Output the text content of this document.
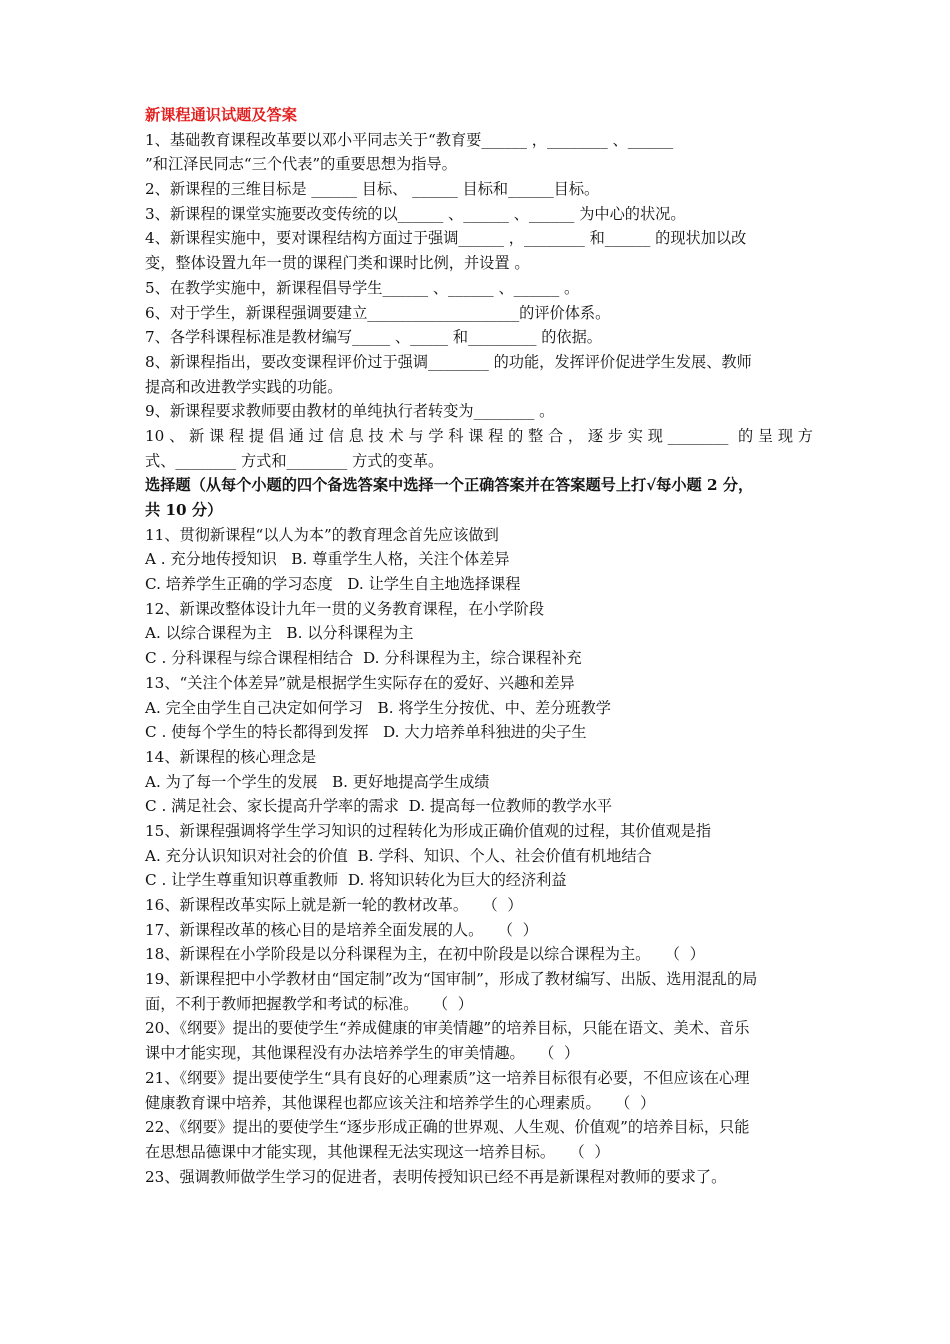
新课程通识试题及答案
1、基础教育课程改革要以邓小平同志关于“教育要______ ，________ 、______
”和江泽民同志“三个代表”的重要思想为指导。
2、新课程的三维目标是 ______ 目标、 ______ 目标和______目标。
3、新课程的课堂实施要改变传统的以______ 、______ 、______ 为中心的状况。
4、新课程实施中，要对课程结构方面过于强调______ ，________ 和______ 的现状加以改
变，整体设置九年一贯的课程门类和课时比例，并设置 。
5、在教学实施中，新课程倡导学生______ 、______ 、______ 。
6、对于学生，新课程强调要建立____________________的评价体系。
7、各学科课程标准是教材编写_____ 、_____ 和_________ 的依据。
8、新课程指出，要改变课程评价过于强调________ 的功能，发挥评价促进学生发展、教师
提高和改进教学实践的功能。
9、新课程要求教师要由教材的单纯执行者转变为________ 。
10、新课程提倡通过信息技术与学科课程的整合，逐步实现________ 的呈现方
式、________ 方式和________ 方式的变革。
选择题（从每个小题的四个备选答案中选择一个正确答案并在答案题号上打√每小题 2 分，
共 10 分）
11、贯彻新课程“以人为本”的教育理念首先应该做到
A . 充分地传授知识   B. 尊重学生人格，关注个体差异
C. 培养学生正确的学习态度   D. 让学生自主地选择课程
12、新课改整体设计九年一贯的义务教育课程，在小学阶段
A. 以综合课程为主   B. 以分科课程为主
C . 分科课程与综合课程相结合  D. 分科课程为主，综合课程补充
13、“关注个体差异”就是根据学生实际存在的爱好、兴趣和差异
A. 完全由学生自己决定如何学习   B. 将学生分按优、中、差分班教学
C . 使每个学生的特长都得到发挥   D. 大力培养单科独进的尖子生
14、新课程的核心理念是
A. 为了每一个学生的发展   B. 更好地提高学生成绩
C . 满足社会、家长提高升学率的需求  D. 提高每一位教师的教学水平
15、新课程强调将学生学习知识的过程转化为形成正确价值观的过程，其价值观是指
A. 充分认识知识对社会的价值  B. 学科、知识、个人、社会价值有机地结合
C . 让学生尊重知识尊重教师  D. 将知识转化为巨大的经济利益
16、新课程改革实际上就是新一轮的教材改革。   （  ）
17、新课程改革的核心目的是培养全面发展的人。   （  ）
18、新课程在小学阶段是以分科课程为主，在初中阶段是以综合课程为主。   （  ）
19、新课程把中小学教材由“国定制”改为“国审制”，形成了教材编写、出版、选用混乱的局
面，不利于教师把握教学和考试的标准。   （  ）
20、《纲要》提出的要使学生“养成健康的审美情趣”的培养目标，只能在语文、美术、音乐
课中才能实现，其他课程没有办法培养学生的审美情趣。   （  ）
21、《纲要》提出要使学生“具有良好的心理素质”这一培养目标很有必要，不但应该在心理
健康教育课中培养，其他课程也都应该关注和培养学生的心理素质。   （  ）
22、《纲要》提出的要使学生“逐步形成正确的世界观、人生观、价值观”的培养目标，只能
在思想品德课中才能实现，其他课程无法实现这一培养目标。   （  ）
23、强调教师做学生学习的促进者，表明传授知识已经不再是新课程对教师的要求了。
